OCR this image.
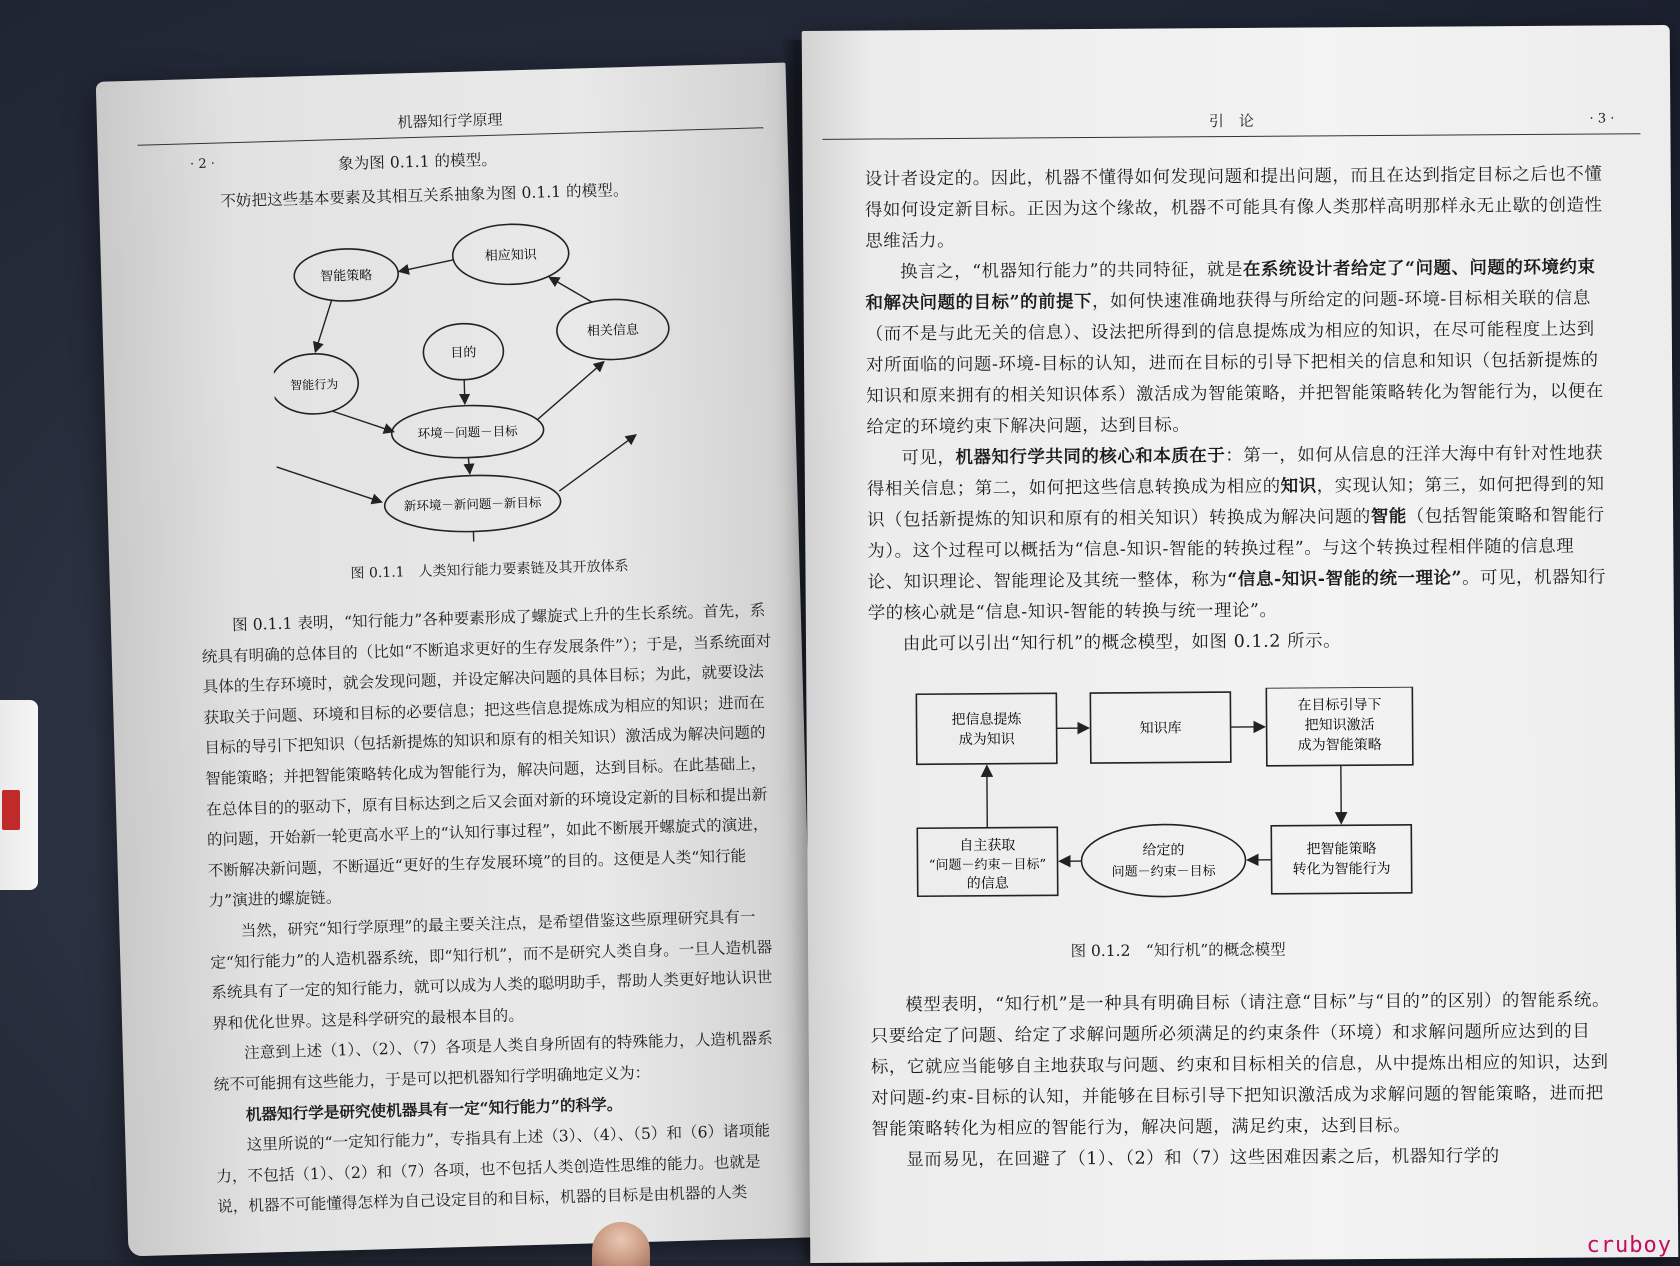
机器知行学原理
· 2 ·	象为图 0.1.1 的模型。

不妨把这些基本要素及其相互关系抽象为图 0.1.1 的模型。

智能策略
相应知识
智能行为
目的
相关信息
环境－问题－目标
新环境－新问题－新目标
图 0.1.1　人类知行能力要素链及其开放体系

图 0.1.1 表明，“知行能力”各种要素形成了螺旋式上升的生长系统。首先，系统具有明确的总体目的（比如“不断追求更好的生存发展条件”）；于是，当系统面对具体的生存环境时，就会发现问题，并设定解决问题的具体目标；为此，就要设法获取关于问题、环境和目标的必要信息；把这些信息提炼成为相应的知识；进而在目标的导引下把知识（包括新提炼的知识和原有的相关知识）激活成为解决问题的智能策略；并把智能策略转化成为智能行为，解决问题，达到目标。在此基础上，在总体目的的驱动下，原有目标达到之后又会面对新的环境设定新的目标和提出新的问题，开始新一轮更高水平上的“认知行事过程”，如此不断展开螺旋式的演进，不断解决新问题，不断逼近“更好的生存发展环境”的目的。这便是人类“知行能力”演进的螺旋链。

当然，研究“知行学原理”的最主要关注点，是希望借鉴这些原理研究具有一定“知行能力”的人造机器系统，即“知行机”，而不是研究人类自身。一旦人造机器系统具有了一定的知行能力，就可以成为人类的聪明助手，帮助人类更好地认识世界和优化世界。这是科学研究的最根本目的。

注意到上述（1）、（2）、（7）各项是人类自身所固有的特殊能力，人造机器系统不可能拥有这些能力，于是可以把机器知行学明确地定义为：

机器知行学是研究使机器具有一定“知行能力”的科学。

这里所说的“一定知行能力”，专指具有上述（3）、（4）、（5）和（6）诸项能力，不包括（1）、（2）和（7）各项，也不包括人类创造性思维的能力。也就是说，机器不可能懂得怎样为自己设定目的和目标，机器的目标是由机器的人类

引　论	· 3 ·

设计者设定的。因此，机器不懂得如何发现问题和提出问题，而且在达到指定目标之后也不懂得如何设定新目标。正因为这个缘故，机器不可能具有像人类那样高明那样永无止歇的创造性思维活力。

换言之，“机器知行能力”的共同特征，就是在系统设计者给定了“问题、问题的环境约束和解决问题的目标”的前提下，如何快速准确地获得与所给定的问题-环境-目标相关联的信息（而不是与此无关的信息）、设法把所得到的信息提炼成为相应的知识，在尽可能程度上达到对所面临的问题-环境-目标的认知，进而在目标的引导下把相关的信息和知识（包括新提炼的知识和原来拥有的相关知识体系）激活成为智能策略，并把智能策略转化为智能行为，以便在给定的环境约束下解决问题，达到目标。

可见，机器知行学共同的核心和本质在于：第一，如何从信息的汪洋大海中有针对性地获得相关信息；第二，如何把这些信息转换成为相应的知识，实现认知；第三，如何把得到的知识（包括新提炼的知识和原有的相关知识）转换成为解决问题的智能（包括智能策略和智能行为）。这个过程可以概括为“信息-知识-智能的转换过程”。与这个转换过程相伴随的信息理论、知识理论、智能理论及其统一整体，称为“信息-知识-智能的统一理论”。可见，机器知行学的核心就是“信息-知识-智能的转换与统一理论”。

由此可以引出“知行机”的概念模型，如图 0.1.2 所示。

把信息提炼
成为知识
知识库
在目标引导下
把知识激活
成为智能策略
自主获取
“问题－约束－目标”
的信息
给定的
问题－约束－目标
把智能策略
转化为智能行为
图 0.1.2　“知行机”的概念模型

模型表明，“知行机”是一种具有明确目标（请注意“目标”与“目的”的区别）的智能系统。只要给定了问题、给定了求解问题所必须满足的约束条件（环境）和求解问题所应达到的目标，它就应当能够自主地获取与问题、约束和目标相关的信息，从中提炼出相应的知识，达到对问题-约束-目标的认知，并能够在目标引导下把知识激活成为求解问题的智能策略，进而把智能策略转化为相应的智能行为，解决问题，满足约束，达到目标。

显而易见，在回避了（1）、（2）和（7）这些困难因素之后，机器知行学的

cruboy
